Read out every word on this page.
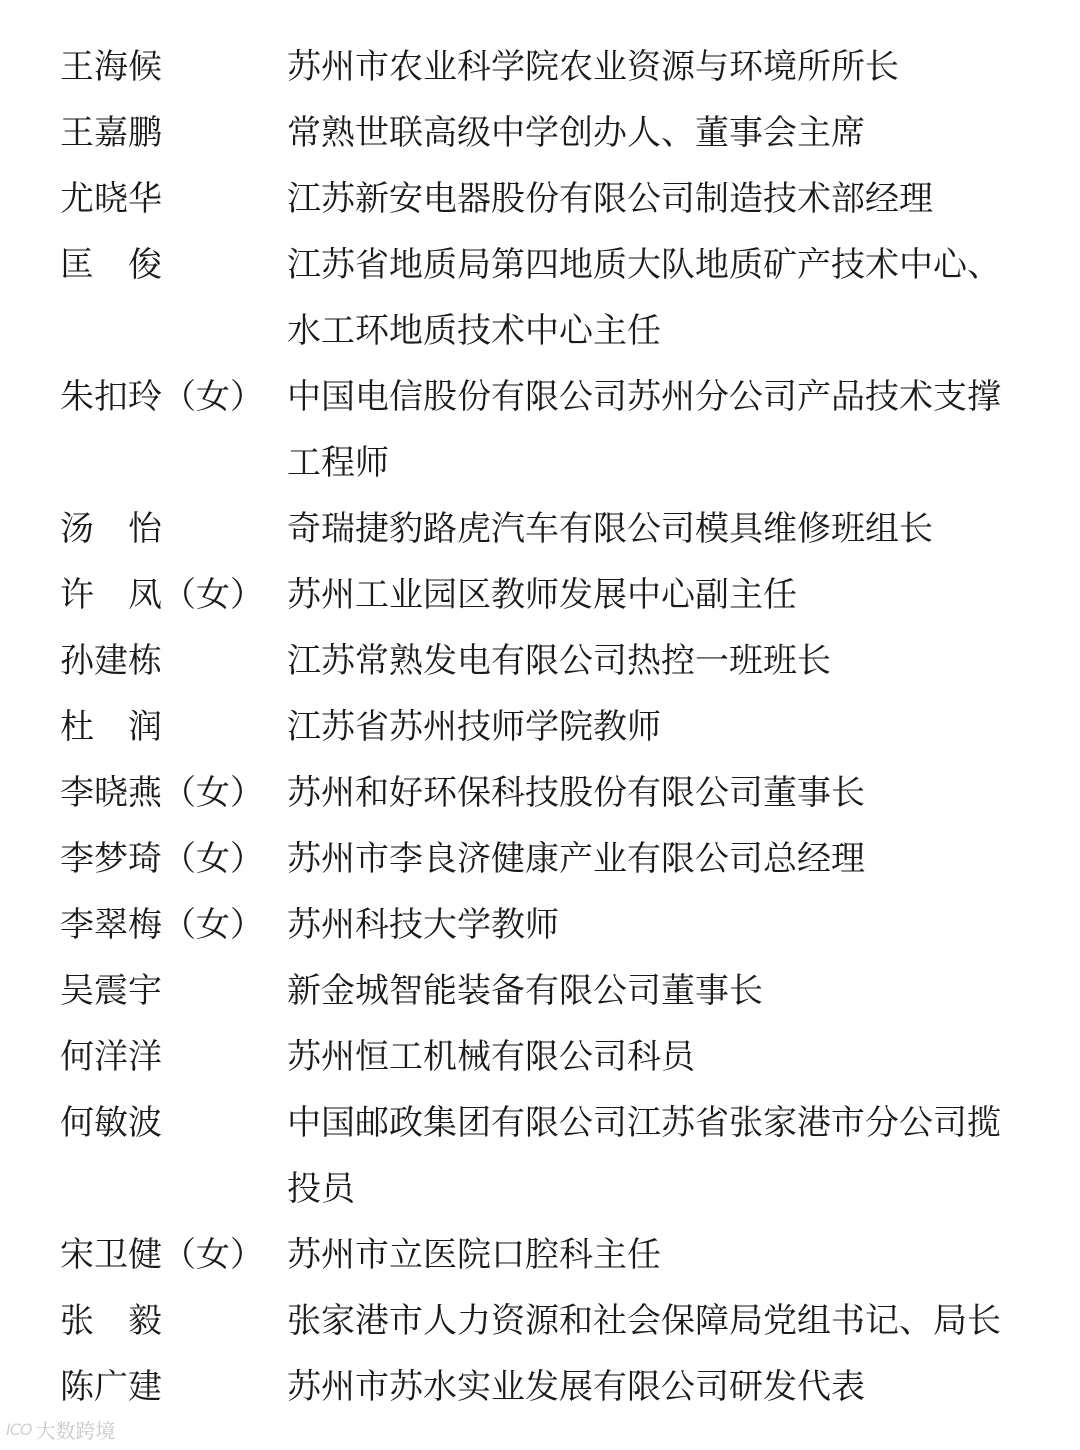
王海候	苏州市农业科学院农业资源与环境所所长
王嘉鹏	常熟世联高级中学创办人、董事会主席
尤晓华	江苏新安电器股份有限公司制造技术部经理
匡　俊	江苏省地质局第四地质大队地质矿产技术中心、
水工环地质技术中心主任
朱扣玲（女） 中国电信股份有限公司苏州分公司产品技术支撑
工程师
汤　怡	奇瑞捷豹路虎汽车有限公司模具维修班组长
许　凤（女） 苏州工业园区教师发展中心副主任
孙建栋	江苏常熟发电有限公司热控一班班长
杜　润	江苏省苏州技师学院教师
李晓燕（女） 苏州和好环保科技股份有限公司董事长
李梦琦（女） 苏州市李良济健康产业有限公司总经理
李翠梅（女） 苏州科技大学教师
吴震宇	新金城智能装备有限公司董事长
何洋洋	苏州恒工机械有限公司科员
何敏波	中国邮政集团有限公司江苏省张家港市分公司揽
投员
宋卫健（女） 苏州市立医院口腔科主任
张　毅	张家港市人力资源和社会保障局党组书记、局长
陈广建	苏州市苏水实业发展有限公司研发代表
ICO 大数跨境
